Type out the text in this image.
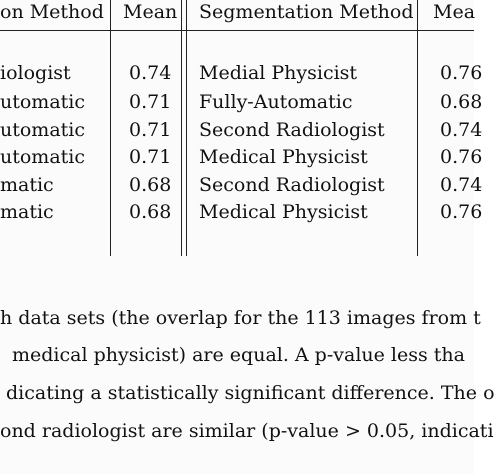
on Method Mean Segmentation Method Mea
iologist	0.74 Medial Physicist	0.76
utomatic 0.71 Fully-Automatic	0.68
utomatic 0.71 Second Radiologist	0.74
utomatic 0.71 Medical Physicist	0.76
matic	0.68 Second Radiologist	0.74
matic	0.68 Medical Physicist	0.76
h data sets (the overlap for the 113 images from t
medical physicist) are equal. A p-value less tha
dicating a statistically significant difference. The o
ond radiologist are similar (p-value > 0.05, indicati
